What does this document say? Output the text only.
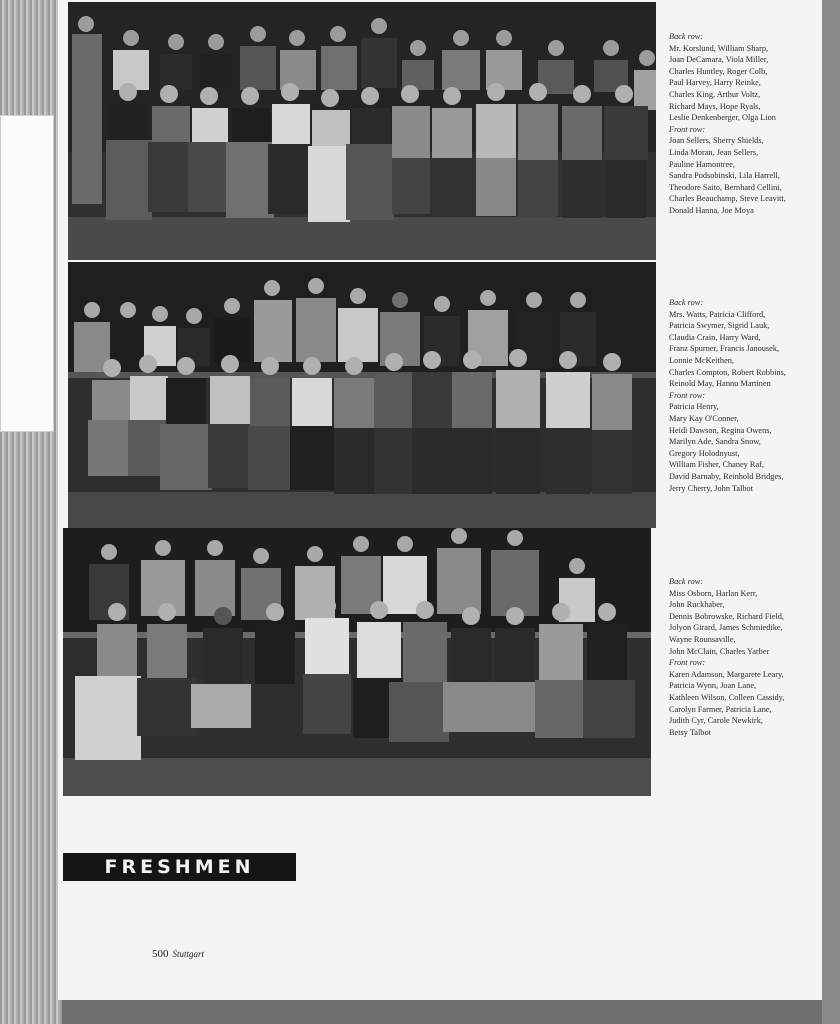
Back row:
Mr. Korslund, William Sharp,
Joan DeCamara, Viola Miller,
Charles Huntley, Roger Colb,
Paul Harvey, Harry Reinke,
Charles King, Arthur Voltz,
Richard Mays, Hope Ryals,
Leslie Denkenberger, Olga Lion
Front row:
Joan Sellers, Sherry Shields,
Linda Moran, Jean Sellers,
Pauline Hamontree,
Sandra Podsobinski, Lila Harrell,
Theodore Saito, Bernhard Cellini,
Charles Beauchamp, Steve Leavitt,
Donald Hanna, Joe Moya
Back row:
Mrs. Watts, Patricia Clifford,
Patricia Swymer, Sigrid Lauk,
Claudia Crain, Harry Ward,
Franz Spurner, Francis Janousek,
Lonnie McKeithen,
Charles Compton, Robert Robbins,
Reinold May, Hannu Martinen
Front row:
Patricia Henry,
Mary Kay O'Conner,
Heidi Dawson, Regina Owens,
Marilyn Ade, Sandra Snow,
Gregory Holodnyust,
William Fisher, Chaney Raf,
David Barnaby, Reinhold Bridges,
Jerry Cherry, John Talbot
Back row:
Miss Osborn, Harlan Kerr,
John Ruckhaber,
Dennis Bobrowske, Richard Field,
Jolyon Girard, James Schmiedike,
Wayne Rounsaville,
John McClain, Charles Yarber
Front row:
Karen Adamson, Margarete Leary,
Patricia Wynn, Joan Lane,
Kathleen Wilson, Colleen Cassidy,
Carolyn Farmer, Patricia Lane,
Judith Cyr, Carole Newkirk,
Betsy Talbot
FRESHMEN
500 Stuttgart
